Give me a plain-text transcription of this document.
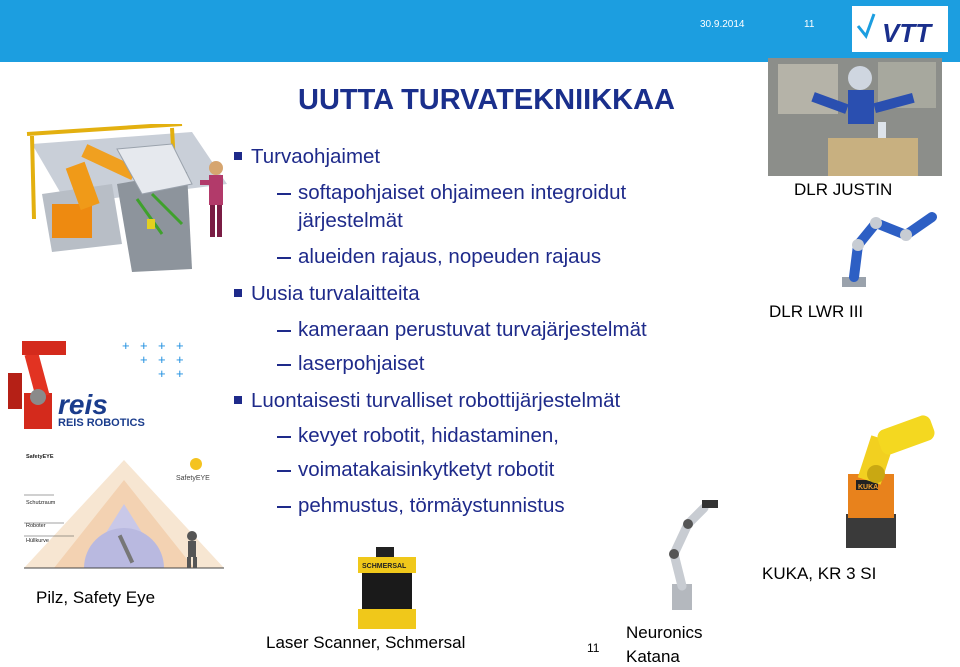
30.9.2014	11	VTT
UUTTA TURVATEKNIIKKAA
Turvaohjaimet
softapohjaiset ohjaimeen integroidut
järjestelmät
alueiden rajaus, nopeuden rajaus
Uusia turvalaitteita
kameraan perustuvat turvajärjestelmät
laserpohjaiset
Luontaisesti turvalliset robottijärjestelmät
kevyet robotit, hidastaminen,
voimatakaisinkytketyt robotit
pehmustus, törmäystunnistus
+ + + +
+ + +
+ +
reis
REIS ROBOTICS
SafetyEYE
Schutzraum
Roboter
Hüllkurve
SafetyEYE
Pilz, Safety Eye
DLR JUSTIN
DLR LWR III
KUKA
KUKA, KR 3 SI
SCHMERSAL
Laser Scanner, Schmersal	11
Neuronics
Katana
